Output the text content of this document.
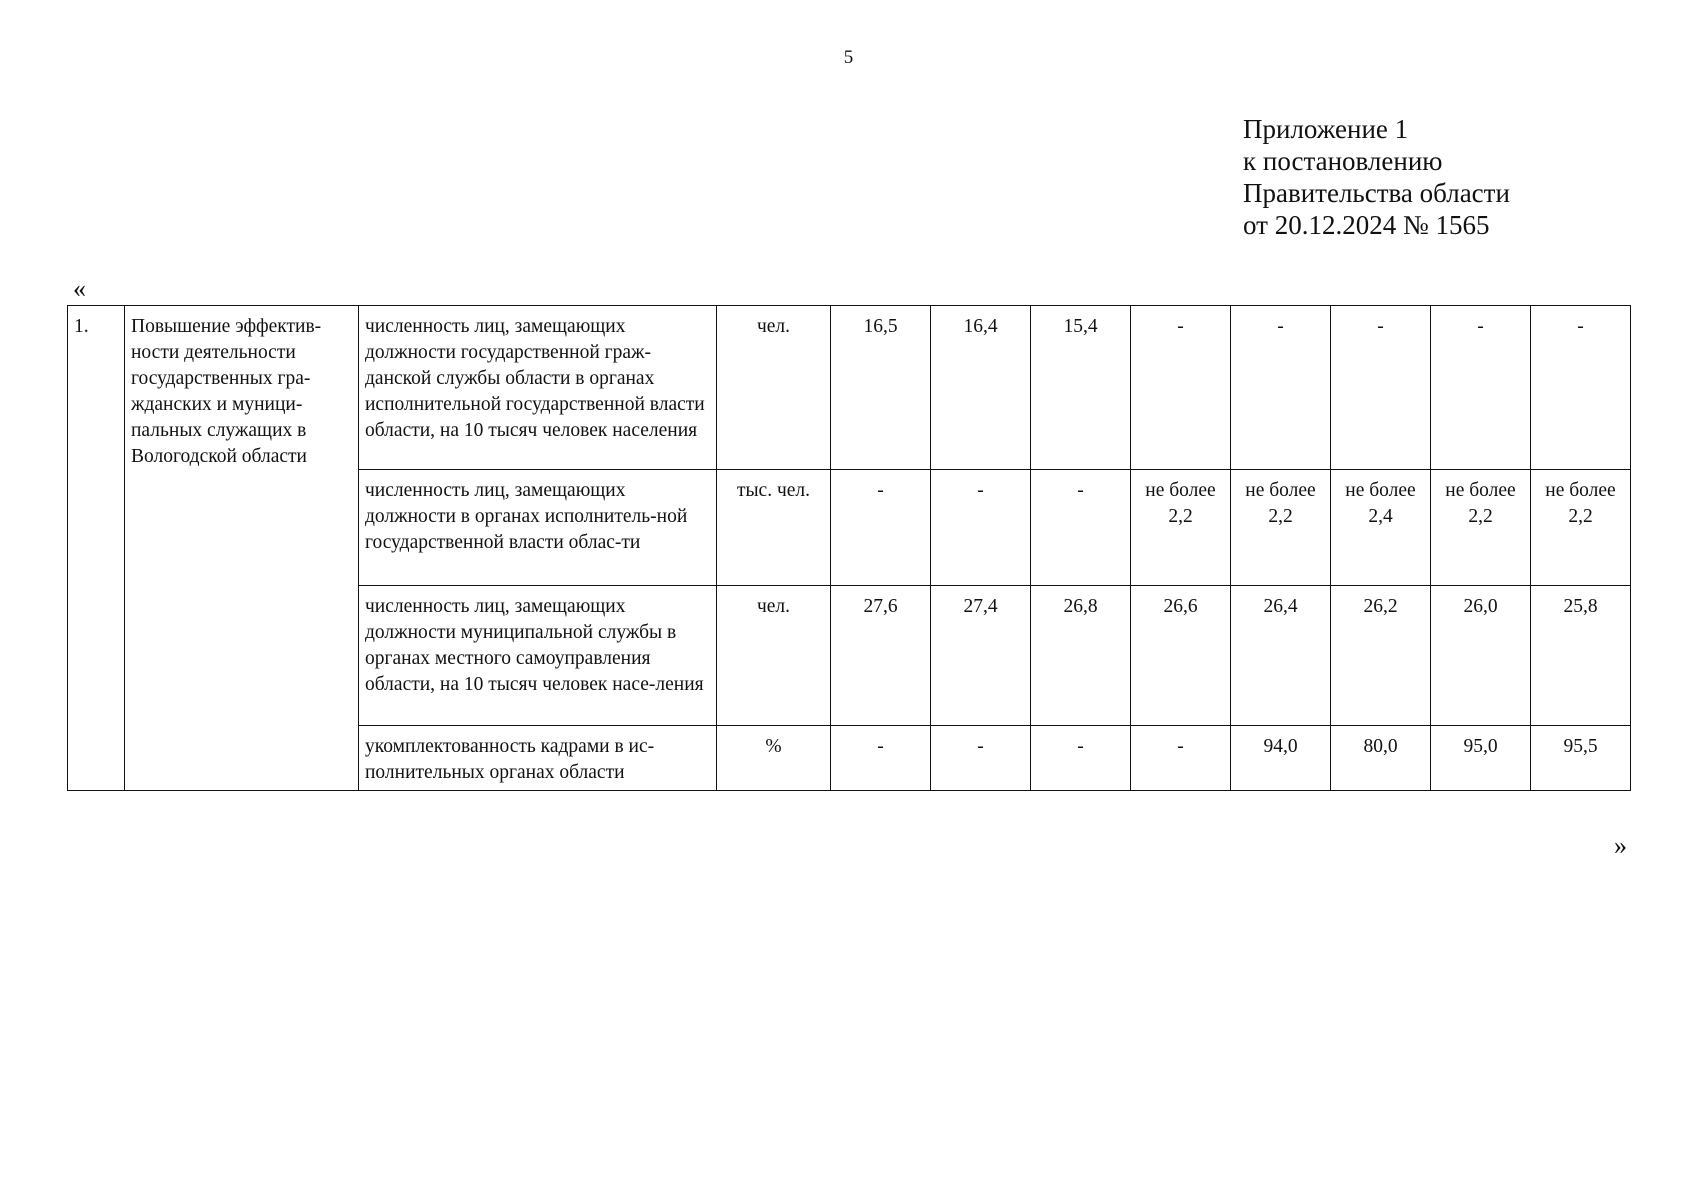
5
Приложение 1
к постановлению
Правительства области
от 20.12.2024 № 1565
«
1.	Повышение эффектив-ности деятельности государственных гра-жданских и муници-пальных служащих в Вологодской области	численность лиц, замещающих должности государственной граж-данской службы области в органах исполнительной государственной власти области, на 10 тысяч человек населения	чел.	16,5	16,4	15,4	-	-	-	-	-
		численность лиц, замещающих должности в органах исполнитель-ной государственной власти облас-ти	тыс. чел.	-	-	-	не более 2,2	не более 2,2	не более 2,4	не более 2,2	не более 2,2
		численность лиц, замещающих должности муниципальной службы в органах местного самоуправления области, на 10 тысяч человек насе-ления	чел.	27,6	27,4	26,8	26,6	26,4	26,2	26,0	25,8
		укомплектованность кадрами в ис-полнительных органах области	%	-	-	-	-	94,0	80,0	95,0	95,5
»
